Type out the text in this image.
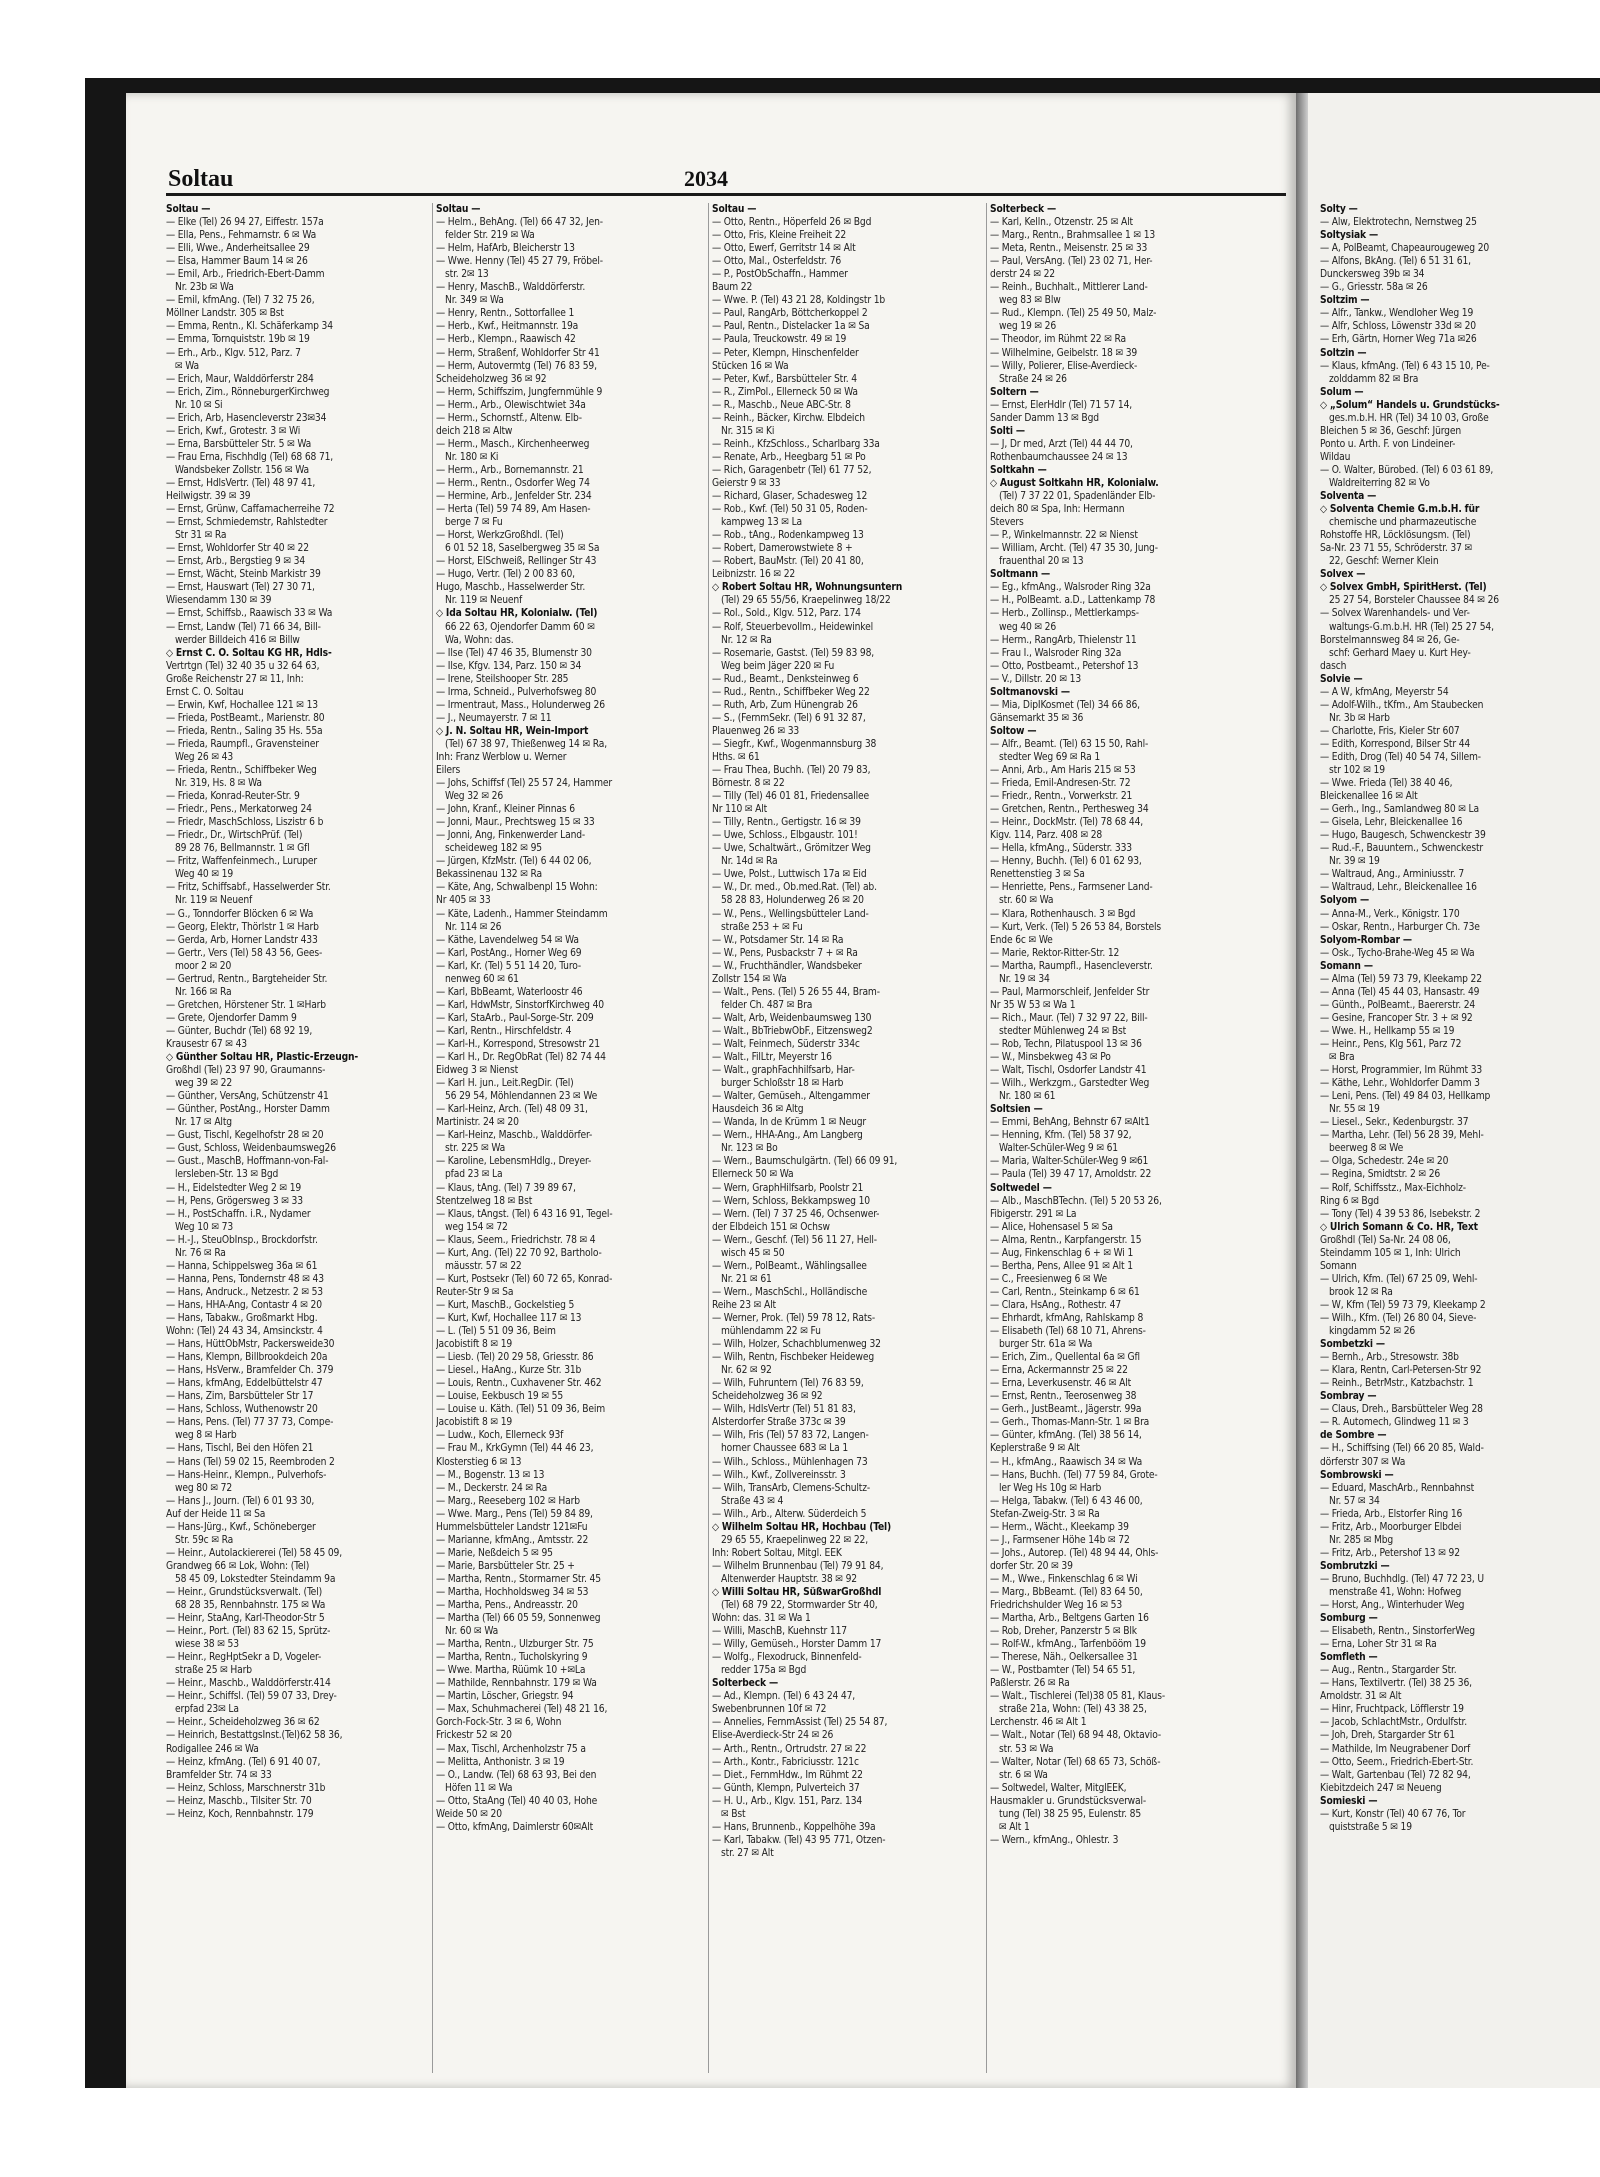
Solty —
— Alw, Elektrotechn, Nernstweg 25
Soltysiak —
— A, PolBeamt, Chapeaurougeweg 20
— Alfons, BkAng. (Tel) 6 51 31 61,
Dunckersweg 39b ✉ 34
— G., Griesstr. 58a ✉ 26
Soltzim —
— Alfr., Tankw., Wendloher Weg 19
— Alfr, Schloss, Löwenstr 33d ✉ 20
— Erh, Gärtn, Horner Weg 71a ✉26
Soltzin —
— Klaus, kfmAng. (Tel) 6 43 15 10, Pe-
zolddamm 82 ✉ Bra
Solum —
◇ „Solum“ Handels u. Grundstücks-
ges.m.b.H. HR (Tel) 34 10 03, Große
Bleichen 5 ✉ 36, Geschf: Jürgen
Ponto u. Arth. F. von Lindeiner-
Wildau
— O. Walter, Bürobed. (Tel) 6 03 61 89,
Waldreiterring 82 ✉ Vo
Solventa —
◇ Solventa Chemie G.m.b.H. für
chemische und pharmazeutische
Rohstoffe HR, Löcklösungsm. (Tel)
Sa-Nr. 23 71 55, Schröderstr. 37 ✉
22, Geschf: Werner Klein
Solvex —
◇ Solvex GmbH, SpiritHerst. (Tel)
25 27 54, Borsteler Chaussee 84 ✉ 26
— Solvex Warenhandels- und Ver-
waltungs-G.m.b.H. HR (Tel) 25 27 54,
Borstelmannsweg 84 ✉ 26, Ge-
schf: Gerhard Maey u. Kurt Hey-
dasch
Solvie —
— A W, kfmAng, Meyerstr 54
— Adolf-Wilh., tKfm., Am Staubecken
Nr. 3b ✉ Harb
— Charlotte, Fris, Kieler Str 607
— Edith, Korrespond, Bilser Str 44
— Edith, Drog (Tel) 40 54 74, Sillem-
str 102 ✉ 19
— Wwe. Frieda (Tel) 38 40 46,
Bleickenallee 16 ✉ Alt
— Gerh., Ing., Samlandweg 80 ✉ La
— Gisela, Lehr, Bleickenallee 16
— Hugo, Baugesch, Schwenckestr 39
— Rud.-F., Bauuntern., Schwenckestr
Nr. 39 ✉ 19
— Waltraud, Ang., Arminiusstr. 7
— Waltraud, Lehr., Bleickenallee 16
Solyom —
— Anna-M., Verk., Königstr. 170
— Oskar, Rentn., Harburger Ch. 73e
Solyom-Rombar —
— Osk., Tycho-Brahe-Weg 45 ✉ Wa
Somann —
— Alma (Tel) 59 73 79, Kleekamp 22
— Anna (Tel) 45 44 03, Hansastr. 49
— Günth., PolBeamt., Baererstr. 24
— Gesine, Francoper Str. 3 + ✉ 92
— Wwe. H., Hellkamp 55 ✉ 19
— Heinr., Pens, Klg 561, Parz 72
✉ Bra
— Horst, Programmier, Im Rühmt 33
— Käthe, Lehr., Wohldorfer Damm 3
— Leni, Pens. (Tel) 49 84 03, Hellkamp
Nr. 55 ✉ 19
— Liesel., Sekr., Kedenburgstr. 37
— Martha, Lehr. (Tel) 56 28 39, Mehl-
beerweg 8 ✉ We
— Olga, Schedestr. 24e ✉ 20
— Regina, Smidtstr. 2 ✉ 26
— Rolf, Schiffsstz., Max-Eichholz-
Ring 6 ✉ Bgd
— Tony (Tel) 4 39 53 86, Isebekstr. 2
◇ Ulrich Somann & Co. HR, Text
Großhdl (Tel) Sa-Nr. 24 08 06,
Steindamm 105 ✉ 1, Inh: Ulrich
Somann
— Ulrich, Kfm. (Tel) 67 25 09, Wehl-
brook 12 ✉ Ra
— W, Kfm (Tel) 59 73 79, Kleekamp 2
— Wilh., Kfm. (Tel) 26 80 04, Sieve-
kingdamm 52 ✉ 26
Sombetzki —
— Bernh., Arb., Stresowstr. 38b
— Klara, Rentn, Carl-Petersen-Str 92
— Reinh., BetrMstr., Katzbachstr. 1
Sombray —
— Claus, Dreh., Barsbütteler Weg 28
— R. Automech, Glindweg 11 ✉ 3
de Sombre —
— H., Schiffsing (Tel) 66 20 85, Wald-
dörferstr 307 ✉ Wa
Sombrowski —
— Eduard, MaschArb., Rennbahnst
Nr. 57 ✉ 34
— Frieda, Arb., Elstorfer Ring 16
— Fritz, Arb., Moorburger Elbdei
Nr. 285 ✉ Mbg
— Fritz, Arb., Petershof 13 ✉ 92
Sombrutzki —
— Bruno, Buchhdlg. (Tel) 47 72 23, U
menstraße 41, Wohn: Hofweg
— Horst, Ang., Winterhuder Weg
Somburg —
— Elisabeth, Rentn., SinstorferWeg
— Erna, Loher Str 31 ✉ Ra
Somfleth —
— Aug., Rentn., Stargarder Str.
— Hans, Textilvertr. (Tel) 38 25 36,
Arnoldstr. 31 ✉ Alt
— Hinr, Fruchtpack, Löfflerstr 19
— Jacob, SchlachtMstr., Ordulfstr.
— Joh, Dreh, Stargarder Str 61
— Mathilde, Im Neugrabener Dorf
— Otto, Seem., Friedrich-Ebert-Str.
— Walt, Gartenbau (Tel) 72 82 94,
Kiebitzdeich 247 ✉ Neueng
Somieski —
— Kurt, Konstr (Tel) 40 67 76, Tor
quiststraße 5 ✉ 19
Soltau	2034
Soltau —
— Elke (Tel) 26 94 27, Eiffestr. 157a
— Ella, Pens., Fehmarnstr. 6 ✉ Wa
— Elli, Wwe., Anderheitsallee 29
— Elsa, Hammer Baum 14 ✉ 26
— Emil, Arb., Friedrich-Ebert-Damm
Nr. 23b ✉ Wa
— Emil, kfmAng. (Tel) 7 32 75 26,
Möllner Landstr. 305 ✉ Bst
— Emma, Rentn., Kl. Schäferkamp 34
— Emma, Tornquiststr. 19b ✉ 19
— Erh., Arb., Klgv. 512, Parz. 7
✉ Wa
— Erich, Maur, Walddörferstr 284
— Erich, Zim., RönneburgerKirchweg
Nr. 10 ✉ Si
— Erich, Arb, Hasencleverstr 23✉34
— Erich, Kwf., Grotestr. 3 ✉ Wi
— Erna, Barsbütteler Str. 5 ✉ Wa
— Frau Erna, Fischhdlg (Tel) 68 68 71,
Wandsbeker Zollstr. 156 ✉ Wa
— Ernst, HdlsVertr. (Tel) 48 97 41,
Heilwigstr. 39 ✉ 39
— Ernst, Grünw, Caffamacherreihe 72
— Ernst, Schmiedemstr, Rahlstedter
Str 31 ✉ Ra
— Ernst, Wohldorfer Str 40 ✉ 22
— Ernst, Arb., Bergstieg 9 ✉ 34
— Ernst, Wächt, Steinb Markistr 39
— Ernst, Hauswart (Tel) 27 30 71,
Wiesendamm 130 ✉ 39
— Ernst, Schiffsb., Raawisch 33 ✉ Wa
— Ernst, Landw (Tel) 71 66 34, Bill-
werder Billdeich 416 ✉ Billw
◇ Ernst C. O. Soltau KG HR, Hdls-
Vertrtgn (Tel) 32 40 35 u 32 64 63,
Große Reichenstr 27 ✉ 11, Inh:
Ernst C. O. Soltau
— Erwin, Kwf, Hochallee 121 ✉ 13
— Frieda, PostBeamt., Marienstr. 80
— Frieda, Rentn., Saling 35 Hs. 55a
— Frieda, Raumpfl., Gravensteiner
Weg 26 ✉ 43
— Frieda, Rentn., Schiffbeker Weg
Nr. 319, Hs. 8 ✉ Wa
— Frieda, Konrad-Reuter-Str. 9
— Friedr., Pens., Merkatorweg 24
— Friedr, MaschSchloss, Liszistr 6 b
— Friedr., Dr., WirtschPrüf. (Tel)
89 28 76, Bellmannstr. 1 ✉ Gfl
— Fritz, Waffenfeinmech., Luruper
Weg 40 ✉ 19
— Fritz, Schiffsabf., Hasselwerder Str.
Nr. 119 ✉ Neuenf
— G., Tonndorfer Blöcken 6 ✉ Wa
— Georg, Elektr, Thörlstr 1 ✉ Harb
— Gerda, Arb, Horner Landstr 433
— Gertr., Vers (Tel) 58 43 56, Gees-
moor 2 ✉ 20
— Gertrud, Rentn., Bargteheider Str.
Nr. 166 ✉ Ra
— Gretchen, Hörstener Str. 1 ✉Harb
— Grete, Ojendorfer Damm 9
— Günter, Buchdr (Tel) 68 92 19,
Krausestr 67 ✉ 43
◇ Günther Soltau HR, Plastic-Erzeugn-
Großhdl (Tel) 23 97 90, Graumanns-
weg 39 ✉ 22
— Günther, VersAng, Schützenstr 41
— Günther, PostAng., Horster Damm
Nr. 17 ✉ Altg
— Gust, Tischl, Kegelhofstr 28 ✉ 20
— Gust, Schloss, Weidenbaumsweg26
— Gust., MaschB, Hoffmann-von-Fal-
lersleben-Str. 13 ✉ Bgd
— H., Eidelstedter Weg 2 ✉ 19
— H, Pens, Grögersweg 3 ✉ 33
— H., PostSchaffn. i.R., Nydamer
Weg 10 ✉ 73
— H.-J., SteuObInsp., Brockdorfstr.
Nr. 76 ✉ Ra
— Hanna, Schippelsweg 36a ✉ 61
— Hanna, Pens, Tondernstr 48 ✉ 43
— Hans, Andruck., Netzestr. 2 ✉ 53
— Hans, HHA-Ang, Contastr 4 ✉ 20
— Hans, Tabakw., Großmarkt Hbg.
Wohn: (Tel) 24 43 34, Amsinckstr. 4
— Hans, HüttObMstr, Packersweide30
— Hans, Klempn, Billbrookdeich 20a
— Hans, HsVerw., Bramfelder Ch. 379
— Hans, kfmAng, Eddelbüttelstr 47
— Hans, Zim, Barsbütteler Str 17
— Hans, Schloss, Wuthenowstr 20
— Hans, Pens. (Tel) 77 37 73, Compe-
weg 8 ✉ Harb
— Hans, Tischl, Bei den Höfen 21
— Hans (Tel) 59 02 15, Reembroden 2
— Hans-Heinr., Klempn., Pulverhofs-
weg 80 ✉ 72
— Hans J., Journ. (Tel) 6 01 93 30,
Auf der Heide 11 ✉ Sa
— Hans-Jürg., Kwf., Schöneberger
Str. 59c ✉ Ra
— Heinr., Autolackiererei (Tel) 58 45 09,
Grandweg 66 ✉ Lok, Wohn: (Tel)
58 45 09, Lokstedter Steindamm 9a
— Heinr., Grundstücksverwalt. (Tel)
68 28 35, Rennbahnstr. 175 ✉ Wa
— Heinr, StaAng, Karl-Theodor-Str 5
— Heinr., Port. (Tel) 83 62 15, Sprütz-
wiese 38 ✉ 53
— Heinr., RegHptSekr a D, Vogeler-
straße 25 ✉ Harb
— Heinr., Maschb., Walddörferstr.414
— Heinr., Schiffsl. (Tel) 59 07 33, Drey-
erpfad 23✉ La
— Heinr., Scheideholzweg 36 ✉ 62
— Heinrich, BestattgsInst.(Tel)62 58 36,
Rodigallee 246 ✉ Wa
— Heinz, kfmAng. (Tel) 6 91 40 07,
Bramfelder Str. 74 ✉ 33
— Heinz, Schloss, Marschnerstr 31b
— Heinz, Maschb., Tilsiter Str. 70
— Heinz, Koch, Rennbahnstr. 179
Soltau —
— Helm., BehAng. (Tel) 66 47 32, Jen-
felder Str. 219 ✉ Wa
— Helm, HafArb, Bleicherstr 13
— Wwe. Henny (Tel) 45 27 79, Fröbel-
str. 2✉ 13
— Henry, MaschB., Walddörferstr.
Nr. 349 ✉ Wa
— Henry, Rentn., Sottorfallee 1
— Herb., Kwf., Heitmannstr. 19a
— Herb., Klempn., Raawisch 42
— Herm, Straßenf, Wohldorfer Str 41
— Herm, Autovermtg (Tel) 76 83 59,
Scheideholzweg 36 ✉ 92
— Herm, Schiffszim, Jungfernmühle 9
— Herm., Arb., Olewischtwiet 34a
— Herm., Schornstf., Altenw. Elb-
deich 218 ✉ Altw
— Herm., Masch., Kirchenheerweg
Nr. 180 ✉ Ki
— Herm., Arb., Bornemannstr. 21
— Herm., Rentn., Osdorfer Weg 74
— Hermine, Arb., Jenfelder Str. 234
— Herta (Tel) 59 74 89, Am Hasen-
berge 7 ✉ Fu
— Horst, WerkzGroßhdl. (Tel)
6 01 52 18, Saselbergweg 35 ✉ Sa
— Horst, ElSchweiß, Rellinger Str 43
— Hugo, Vertr. (Tel) 2 00 83 60,
Hugo, Maschb., Hasselwerder Str.
Nr. 119 ✉ Neuenf
◇ Ida Soltau HR, Kolonialw. (Tel)
66 22 63, Ojendorfer Damm 60 ✉
Wa, Wohn: das.
— Ilse (Tel) 47 46 35, Blumenstr 30
— Ilse, Kfgv. 134, Parz. 150 ✉ 34
— Irene, Steilshooper Str. 285
— Irma, Schneid., Pulverhofsweg 80
— Irmentraut, Mass., Holunderweg 26
— J., Neumayerstr. 7 ✉ 11
◇ J. N. Soltau HR, Wein-Import
(Tel) 67 38 97, Thießenweg 14 ✉ Ra,
Inh: Franz Werblow u. Werner
Eilers
— Johs, Schiffsf (Tel) 25 57 24, Hammer
Weg 32 ✉ 26
— John, Kranf., Kleiner Pinnas 6
— Jonni, Maur., Prechtsweg 15 ✉ 33
— Jonni, Ang, Finkenwerder Land-
scheideweg 182 ✉ 95
— Jürgen, KfzMstr. (Tel) 6 44 02 06,
Bekassinenau 132 ✉ Ra
— Käte, Ang, Schwalbenpl 15 Wohn:
Nr 405 ✉ 33
— Käte, Ladenh., Hammer Steindamm
Nr. 114 ✉ 26
— Käthe, Lavendelweg 54 ✉ Wa
— Karl, PostAng., Horner Weg 69
— Karl, Kr. (Tel) 5 51 14 20, Turo-
nenweg 60 ✉ 61
— Karl, BbBeamt, Waterloostr 46
— Karl, HdwMstr, SinstorfKirchweg 40
— Karl, StaArb., Paul-Sorge-Str. 209
— Karl, Rentn., Hirschfeldstr. 4
— Karl-H., Korrespond, Stresowstr 21
— Karl H., Dr. RegObRat (Tel) 82 74 44
Eidweg 3 ✉ Nienst
— Karl H. jun., Leit.RegDir. (Tel)
56 29 54, Möhlendannen 23 ✉ We
— Karl-Heinz, Arch. (Tel) 48 09 31,
Martinistr. 24 ✉ 20
— Karl-Heinz, Maschb., Walddörfer-
str. 225 ✉ Wa
— Karoline, LebensmHdlg., Dreyer-
pfad 23 ✉ La
— Klaus, tAng. (Tel) 7 39 89 67,
Stentzelweg 18 ✉ Bst
— Klaus, tAngst. (Tel) 6 43 16 91, Tegel-
weg 154 ✉ 72
— Klaus, Seem., Friedrichstr. 78 ✉ 4
— Kurt, Ang. (Tel) 22 70 92, Bartholo-
mäusstr. 57 ✉ 22
— Kurt, Postsekr (Tel) 60 72 65, Konrad-
Reuter-Str 9 ✉ Sa
— Kurt, MaschB., Gockelstieg 5
— Kurt, Kwf, Hochallee 117 ✉ 13
— L. (Tel) 5 51 09 36, Beim
Jacobistift 8 ✉ 19
— Liesb. (Tel) 20 29 58, Griesstr. 86
— Liesel., HaAng., Kurze Str. 31b
— Louis, Rentn., Cuxhavener Str. 462
— Louise, Eekbusch 19 ✉ 55
— Louise u. Käth. (Tel) 51 09 36, Beim
Jacobistift 8 ✉ 19
— Ludw., Koch, Ellerneck 93f
— Frau M., KrkGymn (Tel) 44 46 23,
Klosterstieg 6 ✉ 13
— M., Bogenstr. 13 ✉ 13
— M., Deckerstr. 24 ✉ Ra
— Marg., Reeseberg 102 ✉ Harb
— Wwe. Marg., Pens (Tel) 59 84 89,
Hummelsbütteler Landstr 121✉Fu
— Marianne, kfmAng., Amtsstr. 22
— Marie, Neßdeich 5 ✉ 95
— Marie, Barsbütteler Str. 25 +
— Martha, Rentn., Stormarner Str. 45
— Martha, Hochholdsweg 34 ✉ 53
— Martha, Pens., Andreasstr. 20
— Martha (Tel) 66 05 59, Sonnenweg
Nr. 60 ✉ Wa
— Martha, Rentn., Ulzburger Str. 75
— Martha, Rentn., Tucholskyring 9
— Wwe. Martha, Rüümk 10 +✉La
— Mathilde, Rennbahnstr. 179 ✉ Wa
— Martin, Löscher, Griegstr. 94
— Max, Schuhmacherei (Tel) 48 21 16,
Gorch-Fock-Str. 3 ✉ 6, Wohn
Frickestr 52 ✉ 20
— Max, Tischl, Archenholzstr 75 a
— Melitta, Anthonistr. 3 ✉ 19
— O., Landw. (Tel) 68 63 93, Bei den
Höfen 11 ✉ Wa
— Otto, StaAng (Tel) 40 40 03, Hohe
Weide 50 ✉ 20
— Otto, kfmAng, Daimlerstr 60✉Alt
Soltau —
— Otto, Rentn., Höperfeld 26 ✉ Bgd
— Otto, Fris, Kleine Freiheit 22
— Otto, Ewerf, Gerritstr 14 ✉ Alt
— Otto, Mal., Osterfeldstr. 76
— P., PostObSchaffn., Hammer
Baum 22
— Wwe. P. (Tel) 43 21 28, Koldingstr 1b
— Paul, RangArb, Böttcherkoppel 2
— Paul, Rentn., Distelacker 1a ✉ Sa
— Paula, Treuckowstr. 49 ✉ 19
— Peter, Klempn, Hinschenfelder
Stücken 16 ✉ Wa
— Peter, Kwf., Barsbütteler Str. 4
— R., ZimPol., Ellerneck 50 ✉ Wa
— R., Maschb., Neue ABC-Str. 8
— Reinh., Bäcker, Kirchw. Elbdeich
Nr. 315 ✉ Ki
— Reinh., KfzSchloss., Scharlbarg 33a
— Renate, Arb., Heegbarg 51 ✉ Po
— Rich, Garagenbetr (Tel) 61 77 52,
Geierstr 9 ✉ 33
— Richard, Glaser, Schadesweg 12
— Rob., Kwf. (Tel) 50 31 05, Roden-
kampweg 13 ✉ La
— Rob., tAng., Rodenkampweg 13
— Robert, Damerowstwiete 8 +
— Robert, BauMstr. (Tel) 20 41 80,
Leibnizstr. 16 ✉ 22
◇ Robert Soltau HR, Wohnungsuntern
(Tel) 29 65 55/56, Kraepelinweg 18/22
— Rol., Sold., Klgv. 512, Parz. 174
— Rolf, Steuerbevollm., Heidewinkel
Nr. 12 ✉ Ra
— Rosemarie, Gastst. (Tel) 59 83 98,
Weg beim Jäger 220 ✉ Fu
— Rud., Beamt., Denksteinweg 6
— Rud., Rentn., Schiffbeker Weg 22
— Ruth, Arb, Zum Hünengrab 26
— S., (FernmSekr. (Tel) 6 91 32 87,
Plauenweg 26 ✉ 33
— Siegfr., Kwf., Wogenmannsburg 38
Hths. ✉ 61
— Frau Thea, Buchh. (Tel) 20 79 83,
Börnestr. 8 ✉ 22
— Tilly (Tel) 46 01 81, Friedensallee
Nr 110 ✉ Alt
— Tilly, Rentn., Gertigstr. 16 ✉ 39
— Uwe, Schloss., Elbgaustr. 101!
— Uwe, Schaltwärt., Grömitzer Weg
Nr. 14d ✉ Ra
— Uwe, Polst., Luttwisch 17a ✉ Eid
— W., Dr. med., Ob.med.Rat. (Tel) ab.
58 28 83, Holunderweg 26 ✉ 20
— W., Pens., Wellingsbütteler Land-
straße 253 + ✉ Fu
— W., Potsdamer Str. 14 ✉ Ra
— W., Pens, Pusbackstr 7 + ✉ Ra
— W., Fruchthändler, Wandsbeker
Zollstr 154 ✉ Wa
— Walt., Pens. (Tel) 5 26 55 44, Bram-
felder Ch. 487 ✉ Bra
— Walt, Arb, Weidenbaumsweg 130
— Walt., BbTriebwObF., Eitzensweg2
— Walt, Feinmech, Süderstr 334c
— Walt., FilLtr, Meyerstr 16
— Walt., graphFachhilfsarb, Har-
burger Schloßstr 18 ✉ Harb
— Walter, Gemüseh., Altengammer
Hausdeich 36 ✉ Altg
— Wanda, In de Krümm 1 ✉ Neugr
— Wern., HHA-Ang., Am Langberg
Nr. 123 ✉ Bo
— Wern., Baumschulgärtn. (Tel) 66 09 91,
Ellerneck 50 ✉ Wa
— Wern, GraphHilfsarb, Poolstr 21
— Wern, Schloss, Bekkampsweg 10
— Wern. (Tel) 7 37 25 46, Ochsenwer-
der Elbdeich 151 ✉ Ochsw
— Wern., Geschf. (Tel) 56 11 27, Hell-
wisch 45 ✉ 50
— Wern., PolBeamt., Wählingsallee
Nr. 21 ✉ 61
— Wern., MaschSchl., Holländische
Reihe 23 ✉ Alt
— Werner, Prok. (Tel) 59 78 12, Rats-
mühlendamm 22 ✉ Fu
— Wilh, Holzer, Schachblumenweg 32
— Wilh, Rentn, Fischbeker Heideweg
Nr. 62 ✉ 92
— Wilh, Fuhruntern (Tel) 76 83 59,
Scheideholzweg 36 ✉ 92
— Wilh, HdlsVertr (Tel) 51 81 83,
Alsterdorfer Straße 373c ✉ 39
— Wilh, Fris (Tel) 57 83 72, Langen-
horner Chaussee 683 ✉ La 1
— Wilh., Schloss., Mühlenhagen 73
— Wilh., Kwf., Zollvereinsstr. 3
— Wilh, TransArb, Clemens-Schultz-
Straße 43 ✉ 4
— Wilh., Arb., Alterw. Süderdeich 5
◇ Wilhelm Soltau HR, Hochbau (Tel)
29 65 55, Kraepelinweg 22 ✉ 22,
Inh: Robert Soltau, Mitgl. EEK
— Wilhelm Brunnenbau (Tel) 79 91 84,
Altenwerder Hauptstr. 38 ✉ 92
◇ Willi Soltau HR, SüßwarGroßhdl
(Tel) 68 79 22, Stormwarder Str 40,
Wohn: das. 31 ✉ Wa 1
— Willi, MaschB, Kuehnstr 117
— Willy, Gemüseh., Horster Damm 17
— Wolfg., Flexodruck, Binnenfeld-
redder 175a ✉ Bgd
Solterbeck —
— Ad., Klempn. (Tel) 6 43 24 47,
Swebenbrunnen 10f ✉ 72
— Annelies, FernmAssist (Tel) 25 54 87,
Elise-Averdieck-Str 24 ✉ 26
— Arth., Rentn., Ortrudstr. 27 ✉ 22
— Arth., Kontr., Fabriciusstr. 121c
— Diet., FernmHdw., Im Rühmt 22
— Günth, Klempn, Pulverteich 37
— H. U., Arb., Klgv. 151, Parz. 134
✉ Bst
— Hans, Brunnenb., Koppelhöhe 39a
— Karl, Tabakw. (Tel) 43 95 771, Otzen-
str. 27 ✉ Alt
Solterbeck —
— Karl, Kelln., Otzenstr. 25 ✉ Alt
— Marg., Rentn., Brahmsallee 1 ✉ 13
— Meta, Rentn., Meisenstr. 25 ✉ 33
— Paul, VersAng. (Tel) 23 02 71, Her-
derstr 24 ✉ 22
— Reinh., Buchhalt., Mittlerer Land-
weg 83 ✉ Blw
— Rud., Klempn. (Tel) 25 49 50, Malz-
weg 19 ✉ 26
— Theodor, im Rühmt 22 ✉ Ra
— Wilhelmine, Geibelstr. 18 ✉ 39
— Willy, Polierer, Elise-Averdieck-
Straße 24 ✉ 26
Soltern —
— Ernst, ElerHdlr (Tel) 71 57 14,
Sander Damm 13 ✉ Bgd
Solti —
— J, Dr med, Arzt (Tel) 44 44 70,
Rothenbaumchaussee 24 ✉ 13
Soltkahn —
◇ August Soltkahn HR, Kolonialw.
(Tel) 7 37 22 01, Spadenländer Elb-
deich 80 ✉ Spa, Inh: Hermann
Stevers
— P., Winkelmannstr. 22 ✉ Nienst
— William, Archt. (Tel) 47 35 30, Jung-
frauenthal 20 ✉ 13
Soltmann —
— Eg., kfmAng., Walsroder Ring 32a
— H., PolBeamt. a.D., Lattenkamp 78
— Herb., Zollinsp., Mettlerkamps-
weg 40 ✉ 26
— Herm., RangArb, Thielenstr 11
— Frau I., Walsroder Ring 32a
— Otto, Postbeamt., Petershof 13
— V., Dillstr. 20 ✉ 13
Soltmanovski —
— Mia, DipIKosmet (Tel) 34 66 86,
Gänsemarkt 35 ✉ 36
Soltow —
— Alfr., Beamt. (Tel) 63 15 50, Rahl-
stedter Weg 69 ✉ Ra 1
— Anni, Arb., Am Haris 215 ✉ 53
— Frieda, Emil-Andresen-Str. 72
— Friedr., Rentn., Vorwerkstr. 21
— Gretchen, Rentn., Perthesweg 34
— Heinr., DockMstr. (Tel) 78 68 44,
Kigv. 114, Parz. 408 ✉ 28
— Hella, kfmAng., Süderstr. 333
— Henny, Buchh. (Tel) 6 01 62 93,
Renettenstieg 3 ✉ Sa
— Henriette, Pens., Farmsener Land-
str. 60 ✉ Wa
— Klara, Rothenhausch. 3 ✉ Bgd
— Kurt, Verk. (Tel) 5 26 53 84, Borstels
Ende 6c ✉ We
— Marie, Rektor-Ritter-Str. 12
— Martha, Raumpfl., Hasencleverstr.
Nr. 19 ✉ 34
— Paul, Marmorschleif, Jenfelder Str
Nr 35 W 53 ✉ Wa 1
— Rich., Maur. (Tel) 7 32 97 22, Bill-
stedter Mühlenweg 24 ✉ Bst
— Rob, Techn, Pilatuspool 13 ✉ 36
— W., Minsbekweg 43 ✉ Po
— Walt, Tischl, Osdorfer Landstr 41
— Wilh., Werkzgm., Garstedter Weg
Nr. 180 ✉ 61
Soltsien —
— Emmi, BehAng, Behnstr 67 ✉Alt1
— Henning, Kfm. (Tel) 58 37 92,
Walter-Schüler-Weg 9 ✉ 61
— Maria, Walter-Schüler-Weg 9 ✉61
— Paula (Tel) 39 47 17, Arnoldstr. 22
Soltwedel —
— Alb., MaschBTechn. (Tel) 5 20 53 26,
Fibigerstr. 291 ✉ La
— Alice, Hohensasel 5 ✉ Sa
— Alma, Rentn., Karpfangerstr. 15
— Aug, Finkenschlag 6 + ✉ Wi 1
— Bertha, Pens, Allee 91 ✉ Alt 1
— C., Freesienweg 6 ✉ We
— Carl, Rentn., Steinkamp 6 ✉ 61
— Clara, HsAng., Rothestr. 47
— Ehrhardt, kfmAng, Rahlskamp 8
— Elisabeth (Tel) 68 10 71, Ahrens-
burger Str. 61a ✉ Wa
— Erich, Zim., Quellental 6a ✉ Gfl
— Erna, Ackermannstr 25 ✉ 22
— Erna, Leverkusenstr. 46 ✉ Alt
— Ernst, Rentn., Teerosenweg 38
— Gerh., JustBeamt., Jägerstr. 99a
— Gerh., Thomas-Mann-Str. 1 ✉ Bra
— Günter, kfmAng. (Tel) 38 56 14,
Keplerstraße 9 ✉ Alt
— H., kfmAng., Raawisch 34 ✉ Wa
— Hans, Buchh. (Tel) 77 59 84, Grote-
ler Weg Hs 10g ✉ Harb
— Helga, Tabakw. (Tel) 6 43 46 00,
Stefan-Zweig-Str. 3 ✉ Ra
— Herm., Wächt., Kleekamp 39
— J., Farmsener Höhe 14b ✉ 72
— Johs., Autorep. (Tel) 48 94 44, Ohls-
dorfer Str. 20 ✉ 39
— M., Wwe., Finkenschlag 6 ✉ Wi
— Marg., BbBeamt. (Tel) 83 64 50,
Friedrichshulder Weg 16 ✉ 53
— Martha, Arb., Beltgens Garten 16
— Rob, Dreher, Panzerstr 5 ✉ Blk
— Rolf-W., kfmAng., Tarfenbööm 19
— Therese, Näh., Oelkersallee 31
— W., Postbamter (Tel) 54 65 51,
Paßlerstr. 26 ✉ Ra
— Walt., Tischlerei (Tel)38 05 81, Klaus-
straße 21a, Wohn: (Tel) 43 38 25,
Lerchenstr. 46 ✉ Alt 1
— Walt., Notar (Tel) 68 94 48, Oktavio-
str. 53 ✉ Wa
— Walter, Notar (Tel) 68 65 73, Schöß-
str. 6 ✉ Wa
— Soltwedel, Walter, MitglEEK,
Hausmakler u. Grundstücksverwal-
tung (Tel) 38 25 95, Eulenstr. 85
✉ Alt 1
— Wern., kfmAng., Ohlestr. 3
